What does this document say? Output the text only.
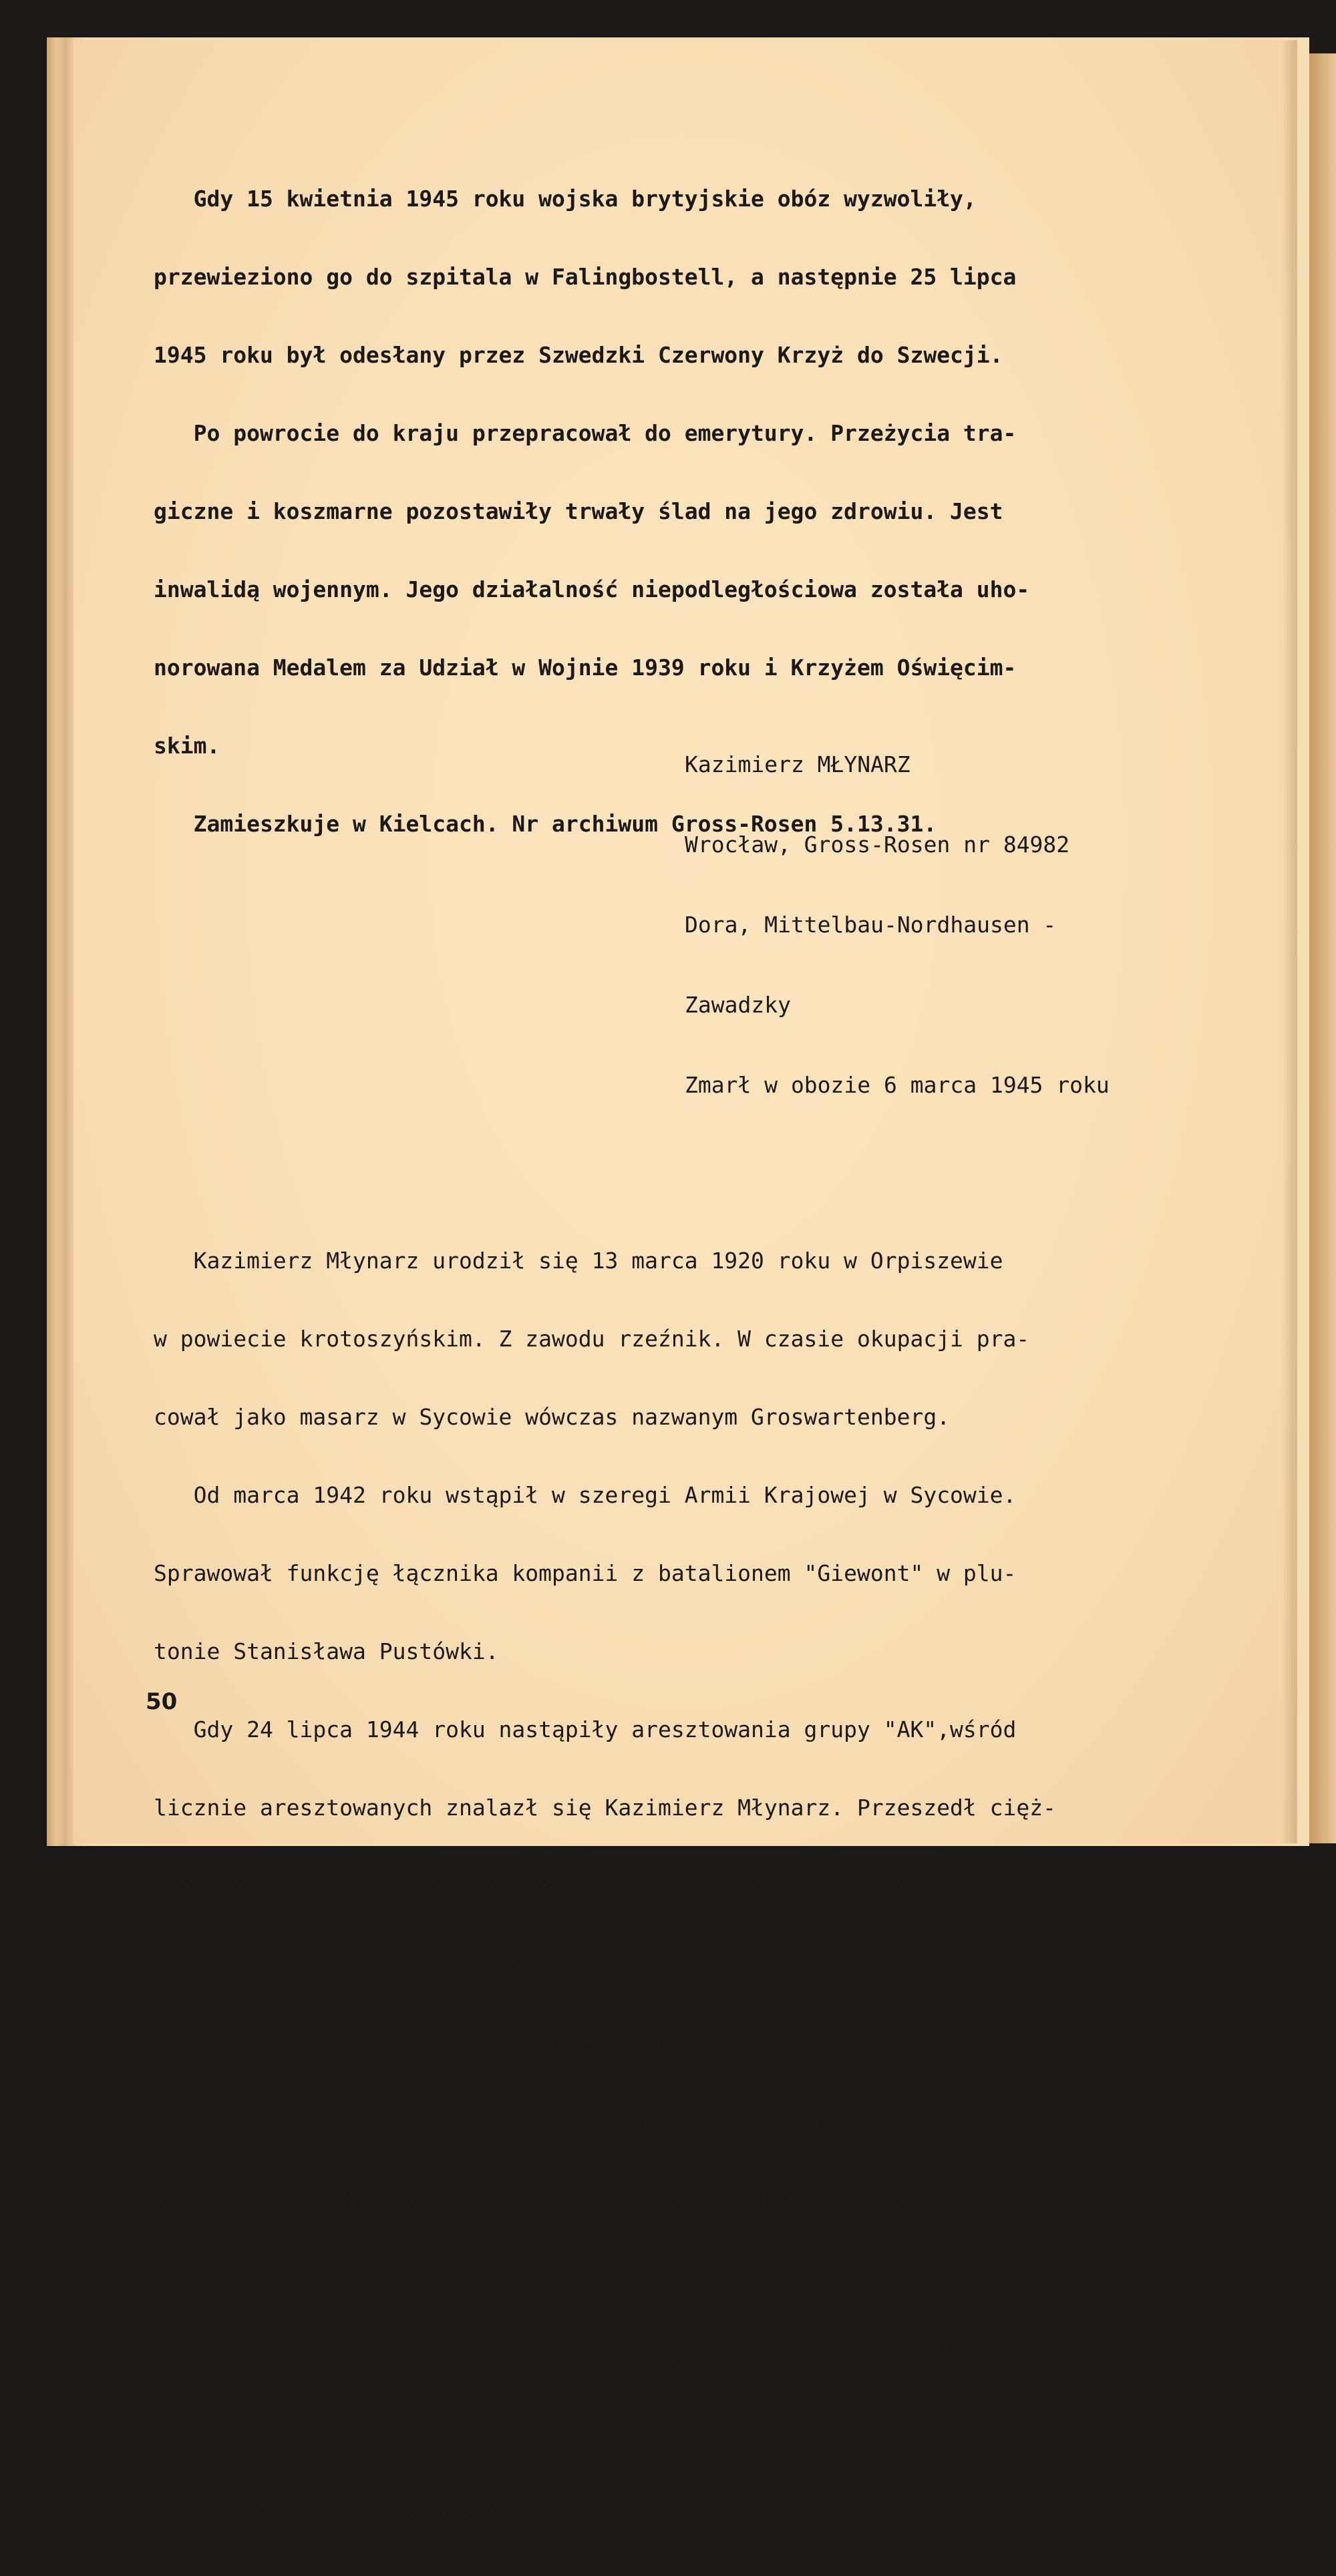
Gdy 15 kwietnia 1945 roku wojska brytyjskie obóz wyzwoliły,

przewieziono go do szpitala w Falingbostell, a następnie 25 lipca

1945 roku był odesłany przez Szwedzki Czerwony Krzyż do Szwecji.

Po powrocie do kraju przepracował do emerytury. Przeżycia tra-

giczne i koszmarne pozostawiły trwały ślad na jego zdrowiu. Jest

inwalidą wojennym. Jego działalność niepodległościowa została uho-

norowana Medalem za Udział w Wojnie 1939 roku i Krzyżem Oświęcim-

skim.

Zamieszkuje w Kielcach. Nr archiwum Gross-Rosen 5.13.31.

Kazimierz MŁYNARZ

Wrocław, Gross-Rosen nr 84982

Dora, Mittelbau-Nordhausen -

Zawadzky

Zmarł w obozie 6 marca 1945 roku

Kazimierz Młynarz urodził się 13 marca 1920 roku w Orpiszewie

w powiecie krotoszyńskim. Z zawodu rzeźnik. W czasie okupacji pra-

cował jako masarz w Sycowie wówczas nazwanym Groswartenberg.

Od marca 1942 roku wstąpił w szeregi Armii Krajowej w Sycowie.

Sprawował funkcję łącznika kompanii z batalionem "Giewont" w plu-

tonie Stanisława Pustówki.

Gdy 24 lipca 1944 roku nastąpiły aresztowania grupy "AK",wśród

licznie aresztowanych znalazł się Kazimierz Młynarz. Przeszedł cięż-

kie śledztwo na Gestapo we Wrocławiu i w październiku tegoż roku

przekazano go do obozu koncentracyjnego Gross-Rosen. Jako więzień

polityczny numer 84982 pracował w kamieniołomach.

W końcu stycznia 1945 roku odesłano go do obozu Dora-Mittel-

bau i tam przydzielono do pracy w komando Nordhausen-Zawadzky.

Zmarł w obozie 6 marca 1945 roku.

Notkę biograficzną nadesłał Józef Młynarz - dowódca batalionu

"Giewont".

Nr archiwum Gross-Rosen  1.8.13.12.

50
